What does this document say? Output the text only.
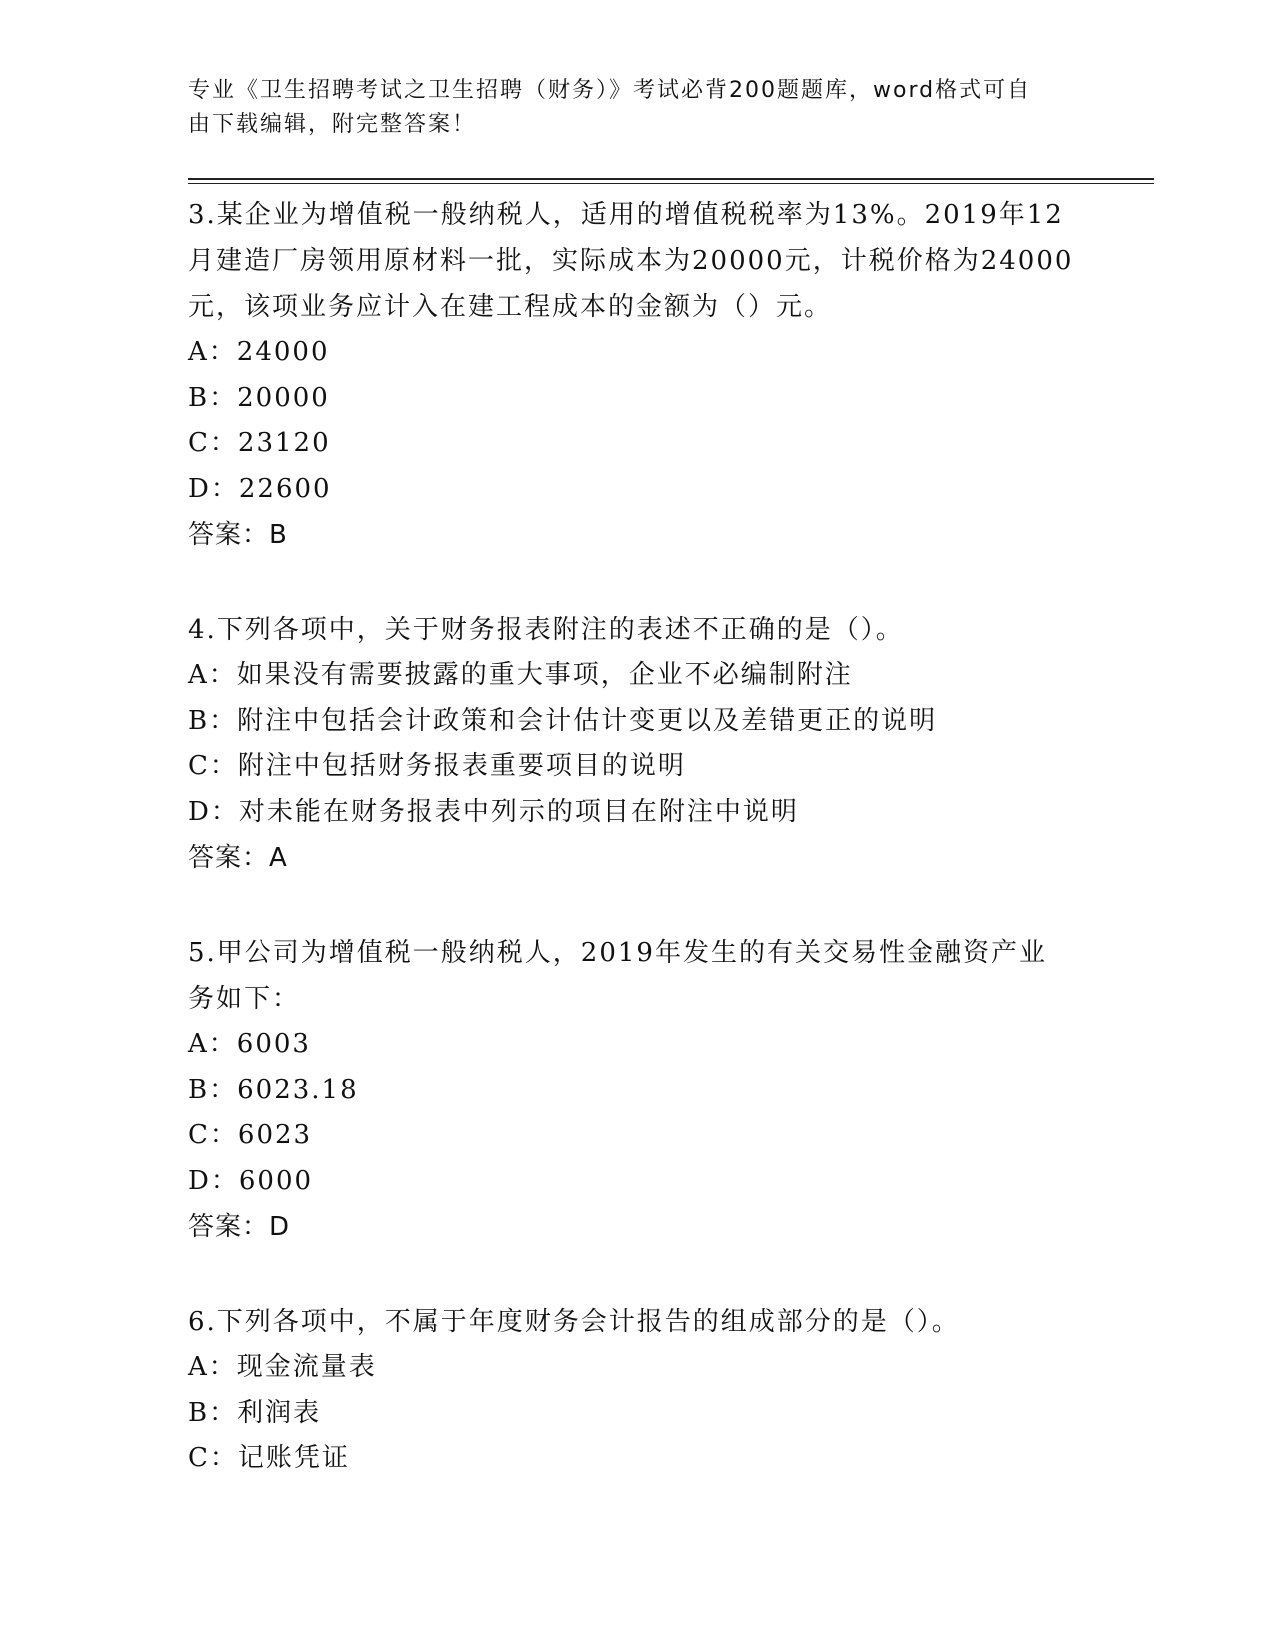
专业《卫生招聘考试之卫生招聘（财务）》考试必背200题题库，word格式可自
由下载编辑，附完整答案！

3.某企业为增值税一般纳税人，适用的增值税税率为13%。2019年12

月建造厂房领用原材料一批，实际成本为20000元，计税价格为24000

元，该项业务应计入在建工程成本的金额为（）元。

A：24000

B：20000

C：23120

D：22600

答案：B

4.下列各项中，关于财务报表附注的表述不正确的是（）。

A：如果没有需要披露的重大事项，企业不必编制附注

B：附注中包括会计政策和会计估计变更以及差错更正的说明

C：附注中包括财务报表重要项目的说明

D：对未能在财务报表中列示的项目在附注中说明

答案：A

5.甲公司为增值税一般纳税人，2019年发生的有关交易性金融资产业

务如下：

A：6003

B：6023.18

C：6023

D：6000

答案：D

6.下列各项中，不属于年度财务会计报告的组成部分的是（）。

A：现金流量表

B：利润表

C：记账凭证
